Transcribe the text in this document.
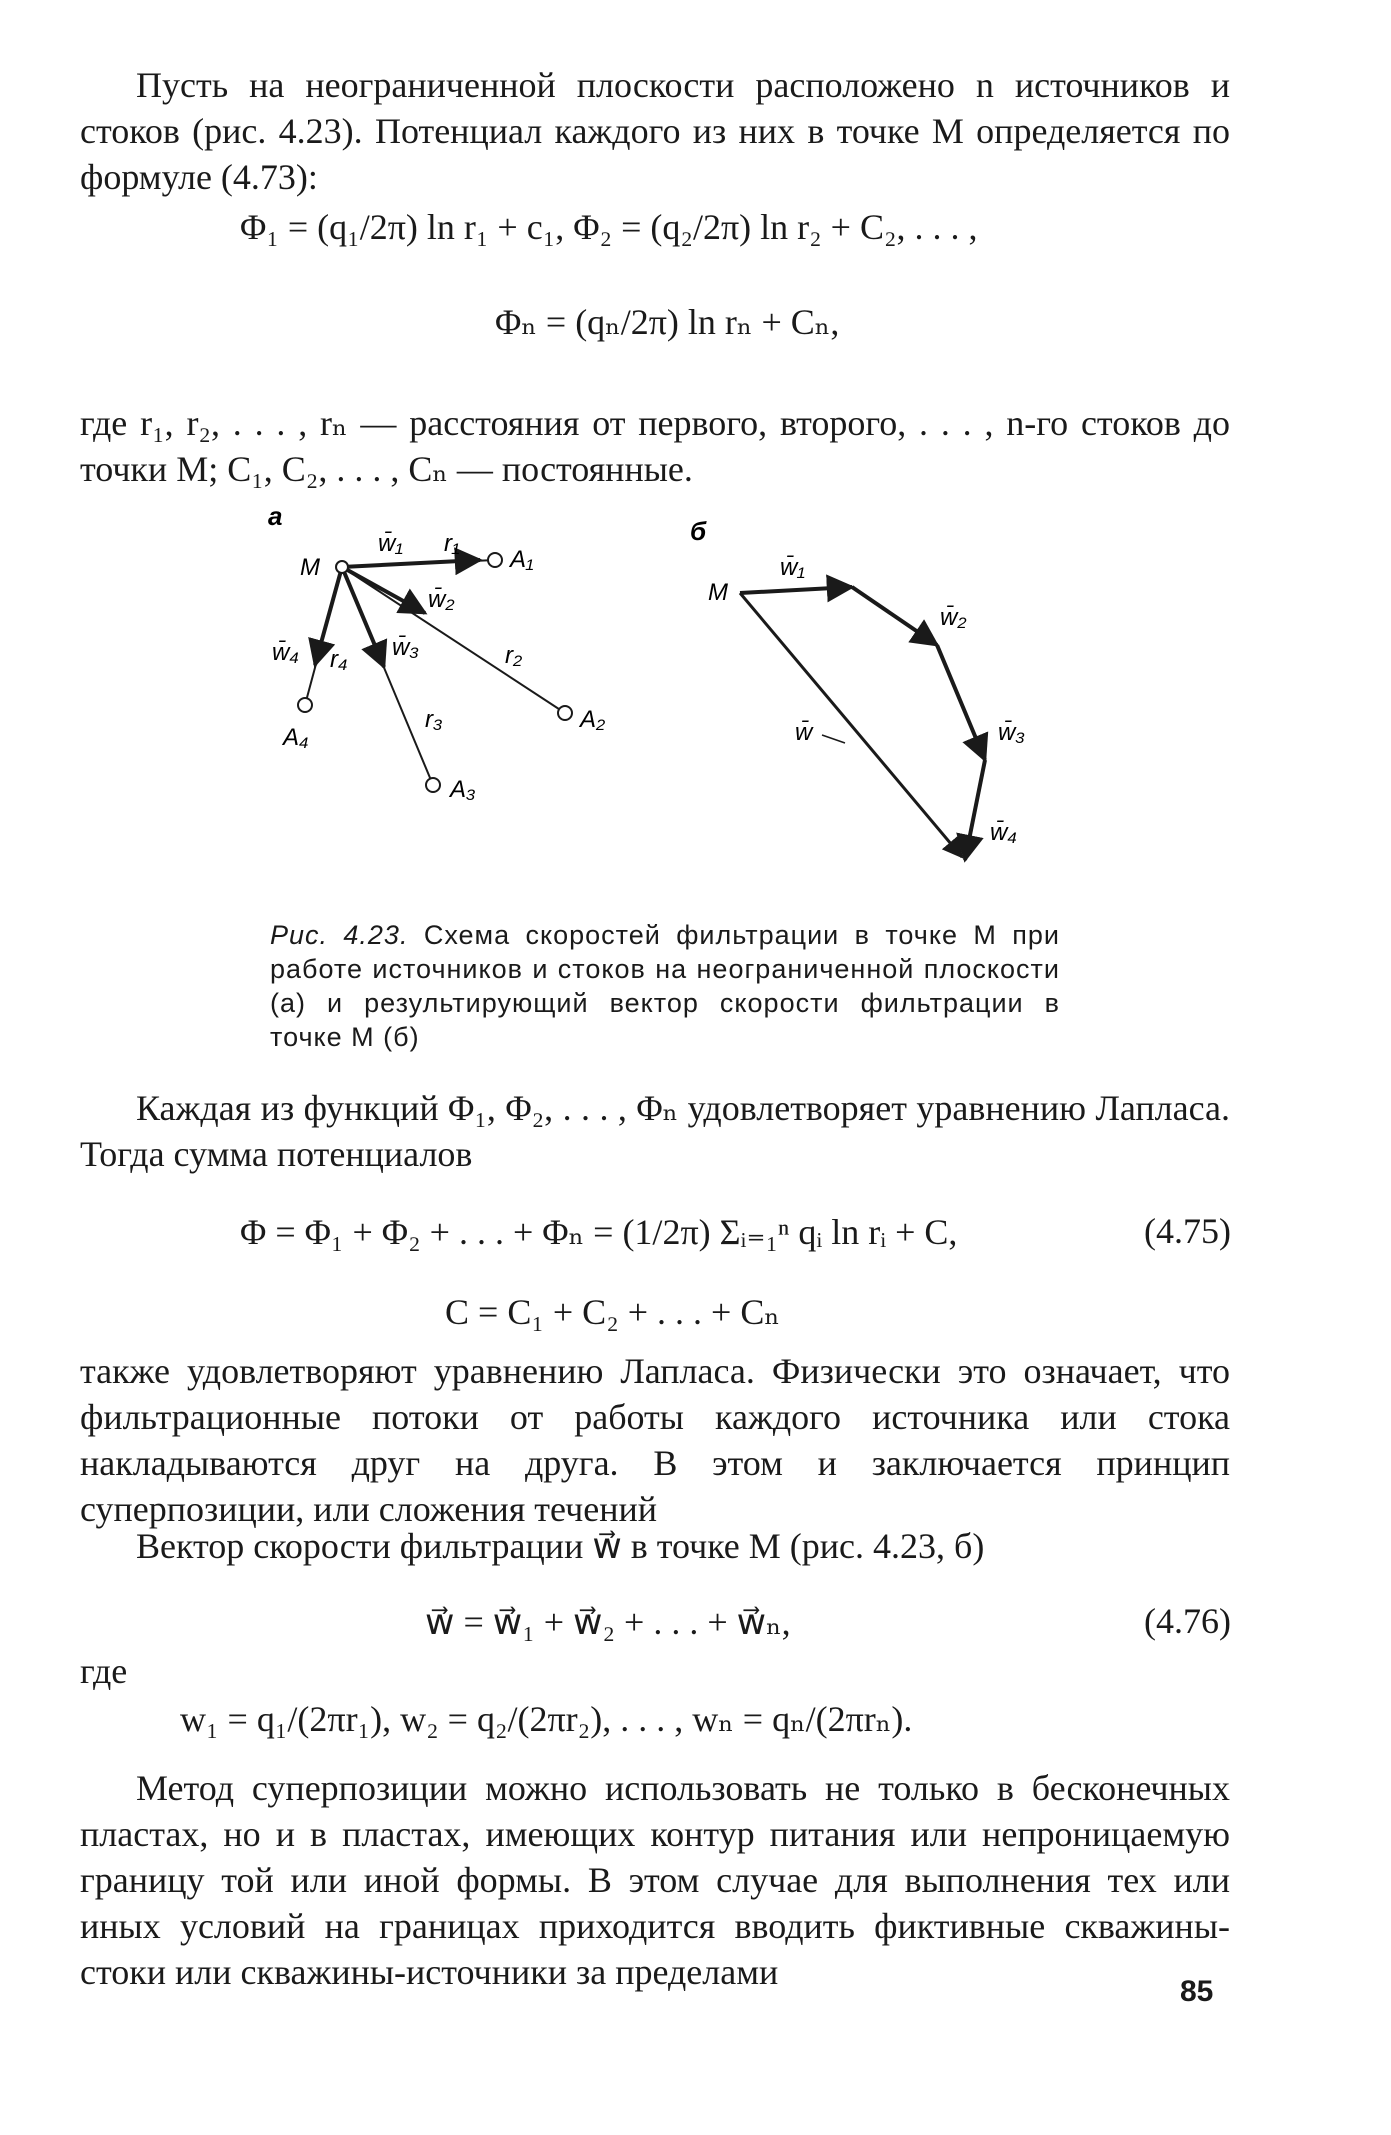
Пусть на неограниченной плоскости расположено n источников и стоков (рис. 4.23). Потенциал каждого из них в точке M определяется по формуле (4.73):

Φ₁ = (q₁/2π) ln r₁ + c₁, Φ₂ = (q₂/2π) ln r₂ + C₂, . . . ,
Φₙ = (qₙ/2π) ln rₙ + Cₙ,

где r₁, r₂, . . . , rₙ — расстояния от первого, второго, . . . , n-го стоков до точки M; C₁, C₂, . . . , Cₙ — постоянные.

а
M
w̄₁ r₁
A₁
w̄₂
r₂
A₂
w̄₃
r₃
A₃
w̄₄ r₄
A₄
б
M
w̄₁
w̄₂
w̄₃
w̄₄
w̄
Рис. 4.23. Схема скоростей фильтрации в точке M при работе источников и стоков на неограниченной плоскости (а) и результирующий вектор скорости фильтрации в точке M (б)

Каждая из функций Φ₁, Φ₂, . . . , Φₙ удовлетворяет уравнению Лапласа. Тогда сумма потенциалов

Φ = Φ₁ + Φ₂ + . . . + Φₙ = (1/2π) Σᵢ₌₁ⁿ qᵢ ln rᵢ + C,	(4.75)
C = C₁ + C₂ + . . . + Cₙ

также удовлетворяют уравнению Лапласа. Физически это означает, что фильтрационные потоки от работы каждого источника или стока накладываются друг на друга. В этом и заключается принцип суперпозиции, или сложения течений

Вектор скорости фильтрации w⃗ в точке M (рис. 4.23, б)

w⃗ = w⃗₁ + w⃗₂ + . . . + w⃗ₙ,	(4.76)

где

w₁ = q₁/(2πr₁), w₂ = q₂/(2πr₂), . . . , wₙ = qₙ/(2πrₙ).

Метод суперпозиции можно использовать не только в бесконечных пластах, но и в пластах, имеющих контур питания или непроницаемую границу той или иной формы. В этом случае для выполнения тех или иных условий на границах приходится вводить фиктивные скважины-стоки или скважины-источники за пределами	85
